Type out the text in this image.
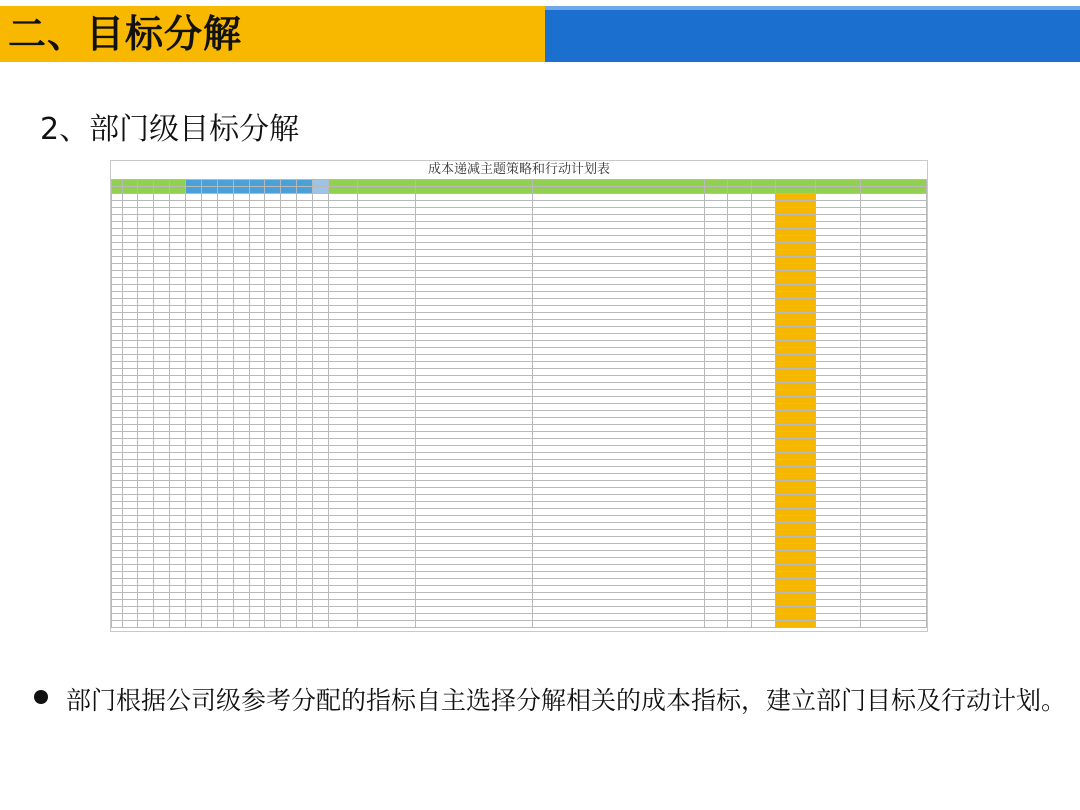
二、目标分解
2、部门级目标分解
成本递减主题策略和行动计划表

部门根据公司级参考分配的指标自主选择分解相关的成本指标，建立部门目标及行动计划。
